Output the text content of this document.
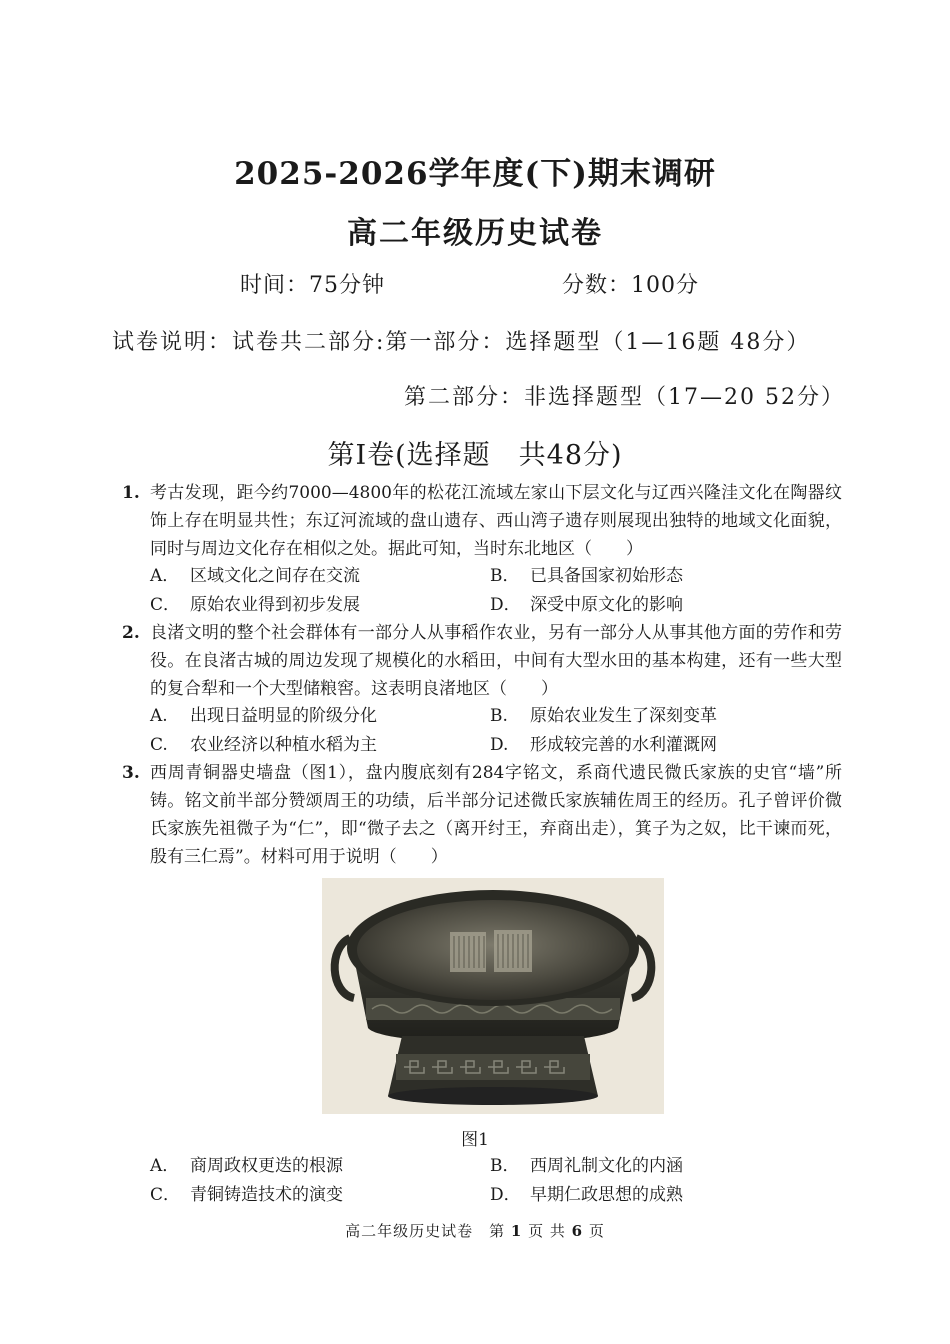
2025-2026学年度(下)期末调研
高二年级历史试卷
时间：75分钟	分数：100分
试卷说明：试卷共二部分:第一部分：选择题型（1—16题 48分）
第二部分：非选择题型（17—20 52分）
第Ⅰ卷(选择题　共48分)
1. 考古发现，距今约7000—4800年的松花江流域左家山下层文化与辽西兴隆洼文化在陶器纹饰上存在明显共性；东辽河流域的盘山遗存、西山湾子遗存则展现出独特的地域文化面貌，同时与周边文化存在相似之处。据此可知，当时东北地区（　　）
A． 区域文化之间存在交流	B． 已具备国家初始形态
C． 原始农业得到初步发展	D． 深受中原文化的影响
2. 良渚文明的整个社会群体有一部分人从事稻作农业，另有一部分人从事其他方面的劳作和劳役。在良渚古城的周边发现了规模化的水稻田，中间有大型水田的基本构建，还有一些大型的复合犁和一个大型储粮窖。这表明良渚地区（　　）
A. 出现日益明显的阶级分化	B. 原始农业发生了深刻变革
C. 农业经济以种植水稻为主	D. 形成较完善的水利灌溉网
3. 西周青铜器史墙盘（图1），盘内腹底刻有284字铭文，系商代遗民微氏家族的史官“墙”所铸。铭文前半部分赞颂周王的功绩，后半部分记述微氏家族辅佐周王的经历。孔子曾评价微氏家族先祖微子为“仁”，即“微子去之（离开纣王，弃商出走），箕子为之奴，比干谏而死，殷有三仁焉”。材料可用于说明（　　）
图1
A． 商周政权更迭的根源	B． 西周礼制文化的内涵
C． 青铜铸造技术的演变	D． 早期仁政思想的成熟
高二年级历史试卷　第 1 页 共 6 页
